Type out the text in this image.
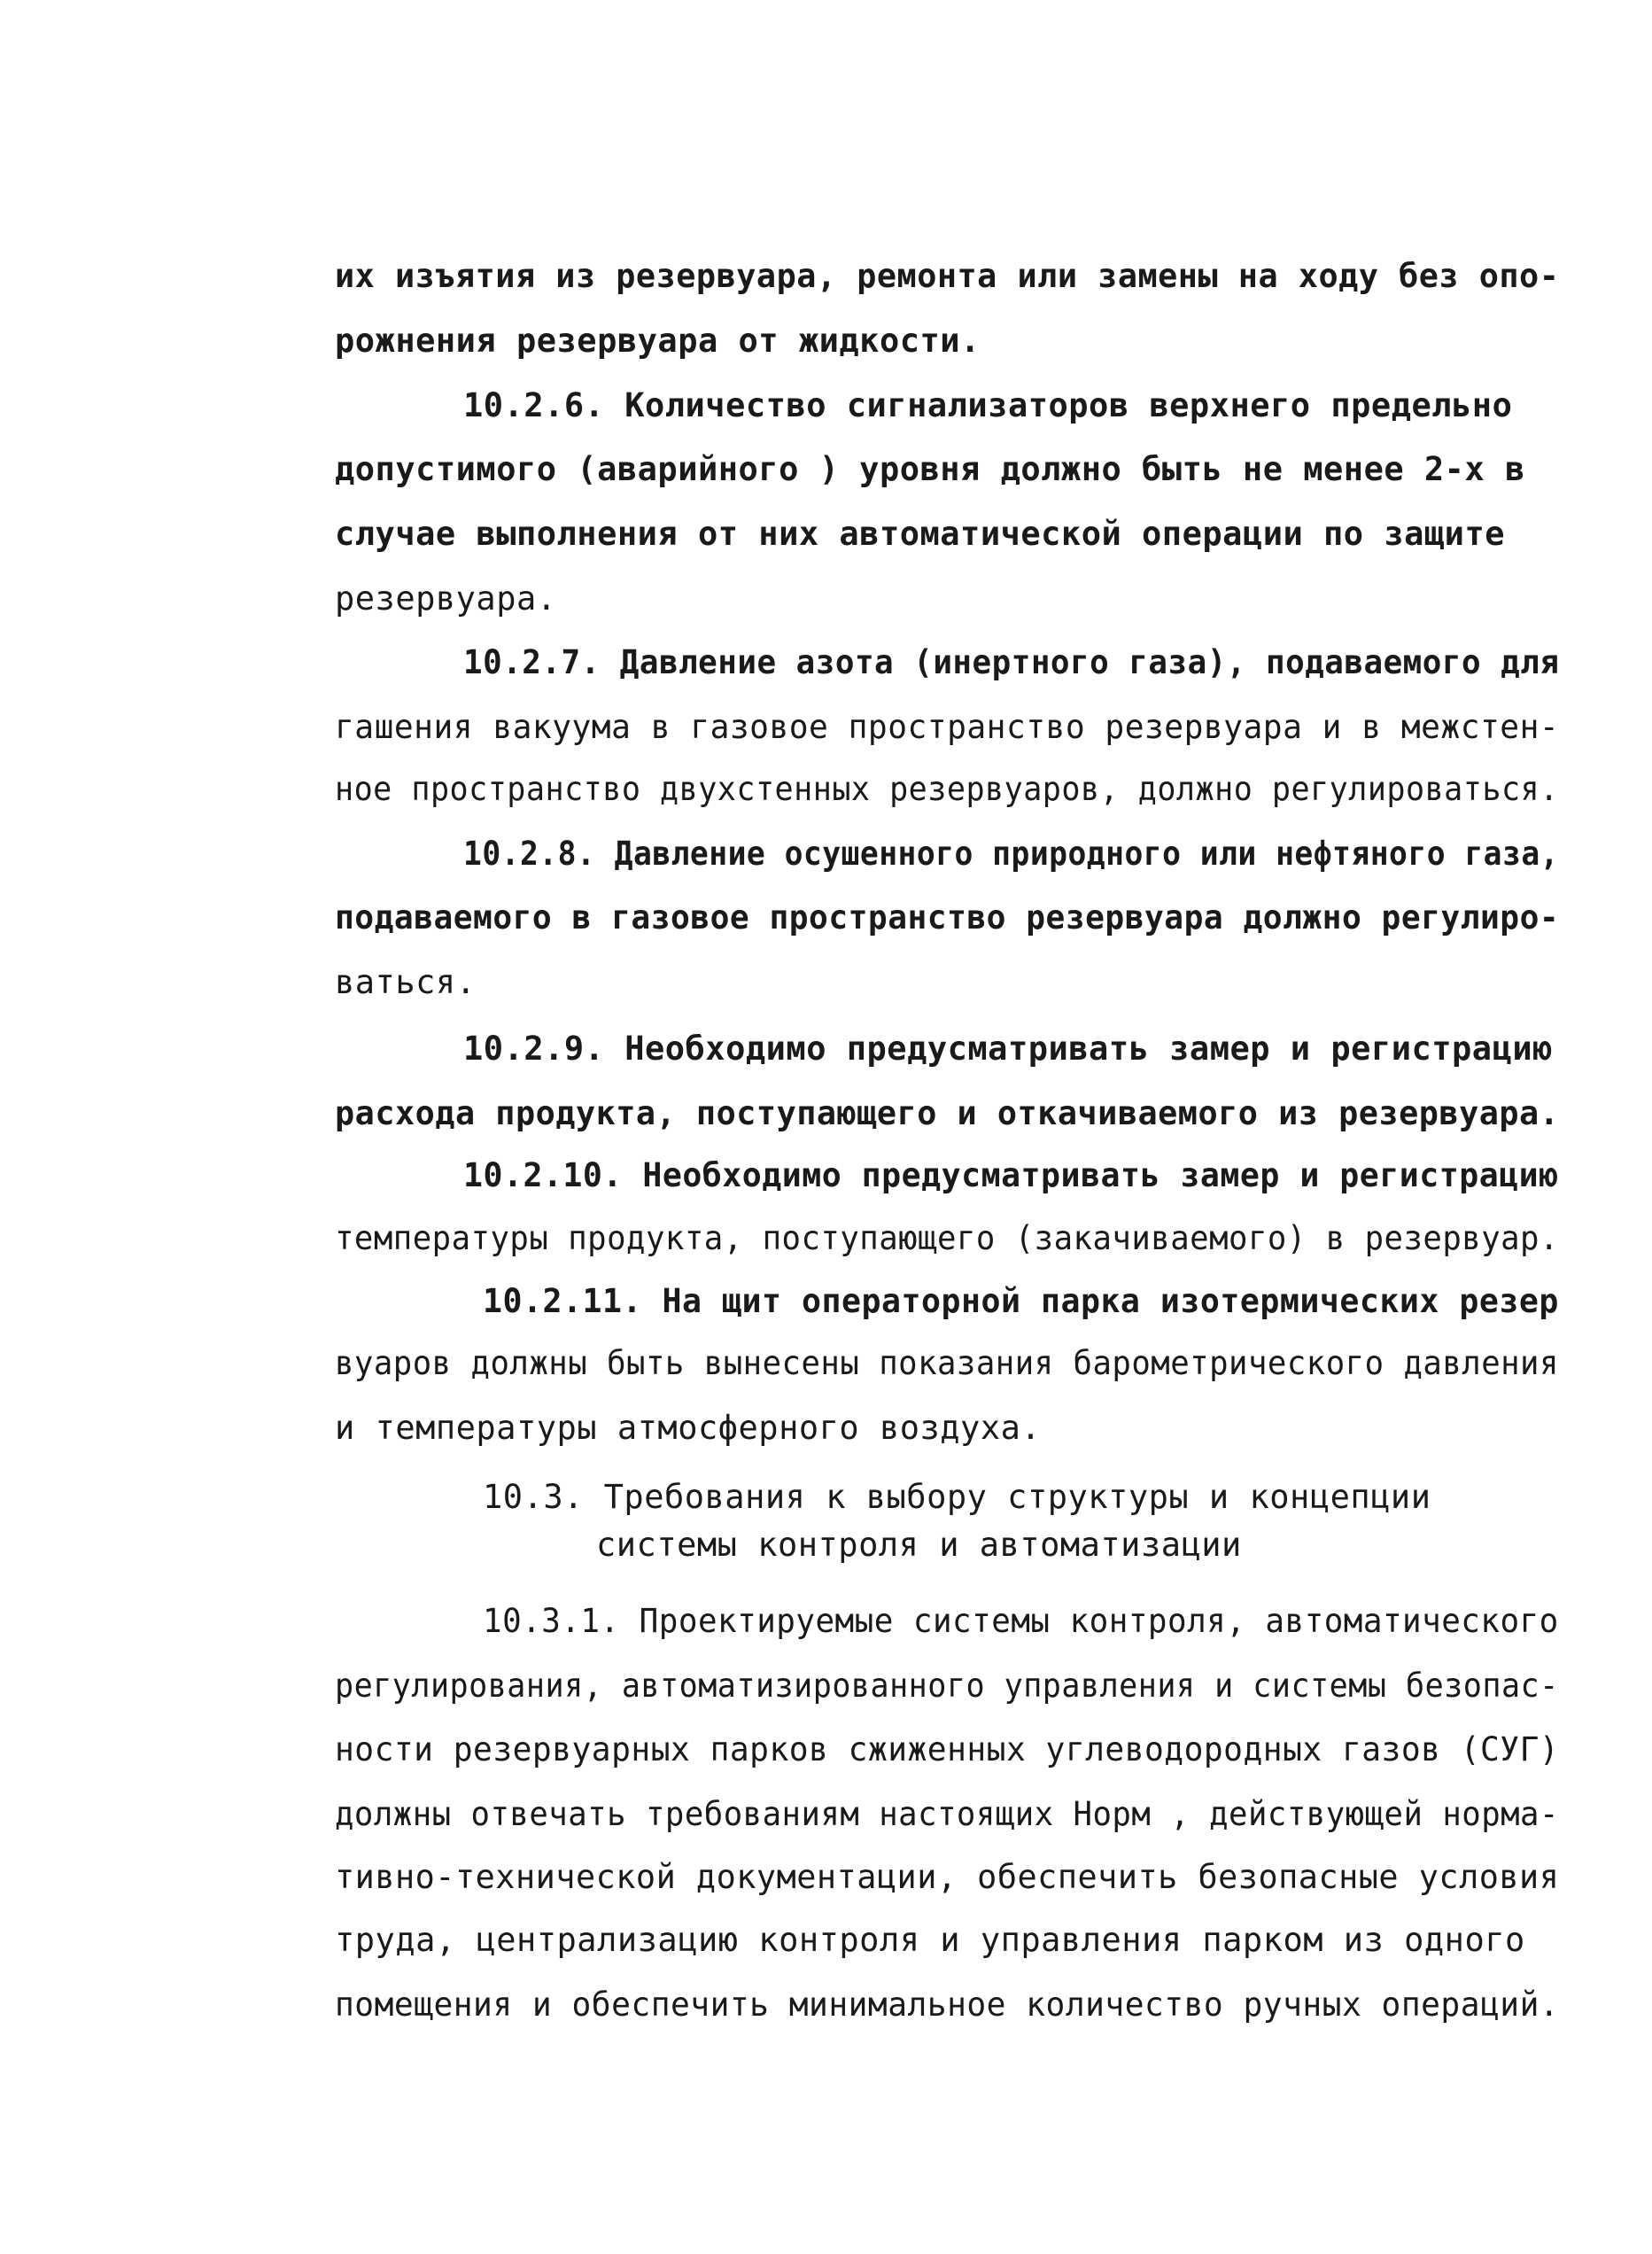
их изъятия из резервуара, ремонта или замены на ходу без опо-
рожнения резервуара от жидкости.
10.2.6. Количество сигнализаторов верхнего предельно
допустимого (аварийного ) уровня должно быть не менее 2-х в
случае выполнения от них автоматической операции по защите
резервуара.
10.2.7. Давление азота (инертного газа), подаваемого для
гашения вакуума в газовое пространство резервуара и в межстен-
ное пространство двухстенных резервуаров, должно регулироваться.
10.2.8. Давление осушенного природного или нефтяного газа,
подаваемого в газовое пространство резервуара должно регулиро-
ваться.
10.2.9. Необходимо предусматривать замер и регистрацию
расхода продукта, поступающего и откачиваемого из резервуара.
10.2.10. Необходимо предусматривать замер и регистрацию
температуры продукта, поступающего (закачиваемого) в резервуар.
10.2.11. На щит операторной парка изотермических резер
вуаров должны быть вынесены показания барометрического давления
и температуры атмосферного воздуха.
10.3. Требования к выбору структуры и концепции
системы контроля и автоматизации
10.3.1. Проектируемые системы контроля, автоматического
регулирования, автоматизированного управления и системы безопас-
ности резервуарных парков сжиженных углеводородных газов (СУГ)
должны отвечать требованиям настоящих Норм , действующей норма-
тивно-технической документации, обеспечить безопасные условия
труда, централизацию контроля и управления парком из одного
помещения и обеспечить минимальное количество ручных операций.
